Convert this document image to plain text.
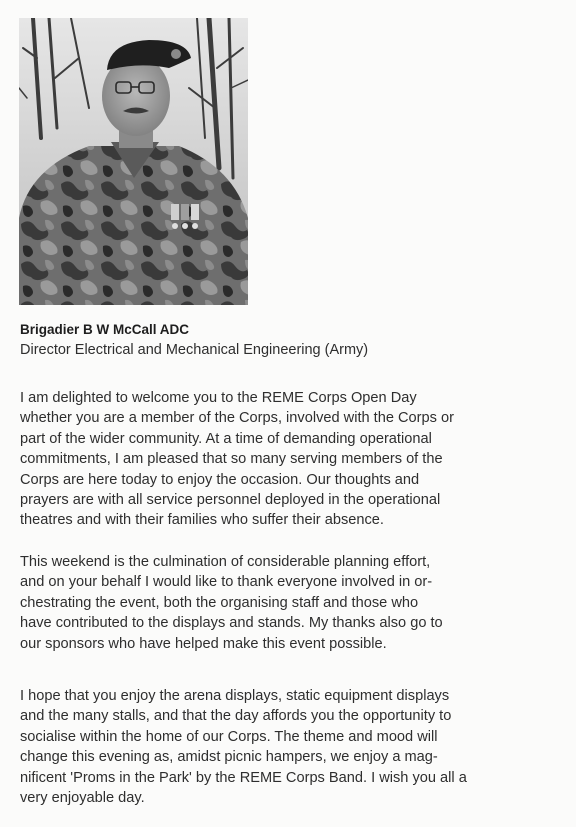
Brigadier B W McCall ADC
Director Electrical and Mechanical Engineering (Army)

I am delighted to welcome you to the REME Corps Open Day
whether you are a member of the Corps, involved with the Corps or
part of the wider community. At a time of demanding operational
commitments, I am pleased that so many serving members of the
Corps are here today to enjoy the occasion. Our thoughts and
prayers are with all service personnel deployed in the operational
theatres and with their families who suffer their absence.

This weekend is the culmination of considerable planning effort,
and on your behalf I would like to thank everyone involved in or-
chestrating the event, both the organising staff and those who
have contributed to the displays and stands. My thanks also go to
our sponsors who have helped make this event possible.

I hope that you enjoy the arena displays, static equipment displays
and the many stalls, and that the day affords you the opportunity to
socialise within the home of our Corps. The theme and mood will
change this evening as, amidst picnic hampers, we enjoy a mag-
nificent 'Proms in the Park' by the REME Corps Band. I wish you all a
very enjoyable day.
